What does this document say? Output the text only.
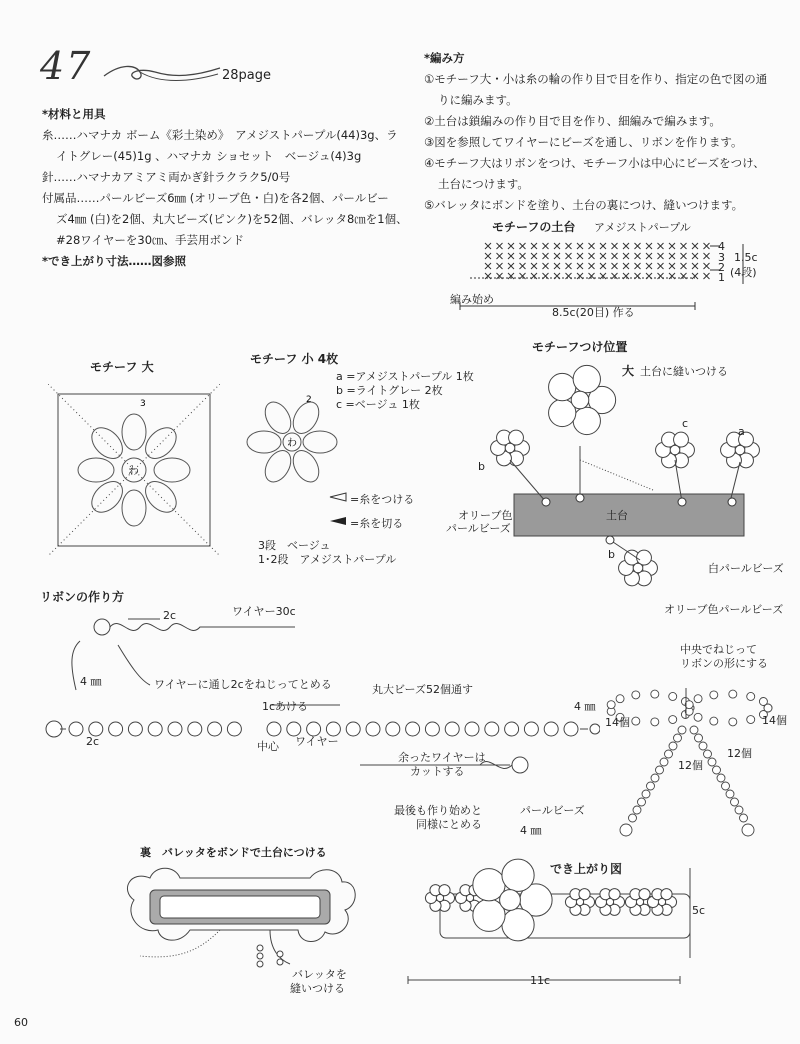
47	28page

*材料と用具

糸……ハマナカ ボーム《彩土染め》　アメジストパープル(44)3g、ラ

イトグレー(45)1g 、ハマナカ ショセット　ベージュ(4)3g

針……ハマナカアミアミ両かぎ針ラクラク5/0号

付属品……パールビーズ6㎜ (オリーブ色・白)を各2個、パールビー

ズ4㎜ (白)を2個、丸大ビーズ(ピンク)を52個、バレッタ8㎝を1個、

#28ワイヤーを30㎝、手芸用ボンド

*でき上がり寸法……図参照

*編み方

①モチーフ大・小は糸の輪の作り目で目を作り、指定の色で図の通

りに編みます。

②土台は鎖編みの作り目で目を作り、細編みで編みます。

③図を参照してワイヤーにビーズを通し、リボンを作ります。

④モチーフ大はリボンをつけ、モチーフ小は中心にビーズをつけ、

土台につけます。

⑤バレッタにボンドを塗り、土台の裏につけ、縫いつけます。

モチーフの土台 アメジストパープル
4
3
2
1
1.5c
(4段)
編み始め
8.5c(20目) 作る
モチーフ 大
わ
3
モチーフ 小 4枚
わ
2
a =アメジストパープル 1枚
b =ライトグレー 2枚
c =ベージュ 1枚
=糸をつける
=糸を切る
3段　ベージュ
1･2段　アメジストパープル
モチーフつけ位置
大 土台に縫いつける
a
b
b
c
土台
オリーブ色
パールビーズ
白パールビーズ
オリーブ色パールビーズ
リボンの作り方
2c	ワイヤー30c
4 ㎜	ワイヤーに通し2cをねじってとめる	丸大ビーズ52個通す
1cあける	4 ㎜
2c	中心 ワイヤー
余ったワイヤーは
カットする
最後も作り始めと
同様にとめる
パールビーズ
4 ㎜
中央でねじって
リボンの形にする
14個	14個
12個
12個
裏　バレッタをボンドで土台につける
バレッタを
縫いつける
でき上がり図
5c
11c
60
